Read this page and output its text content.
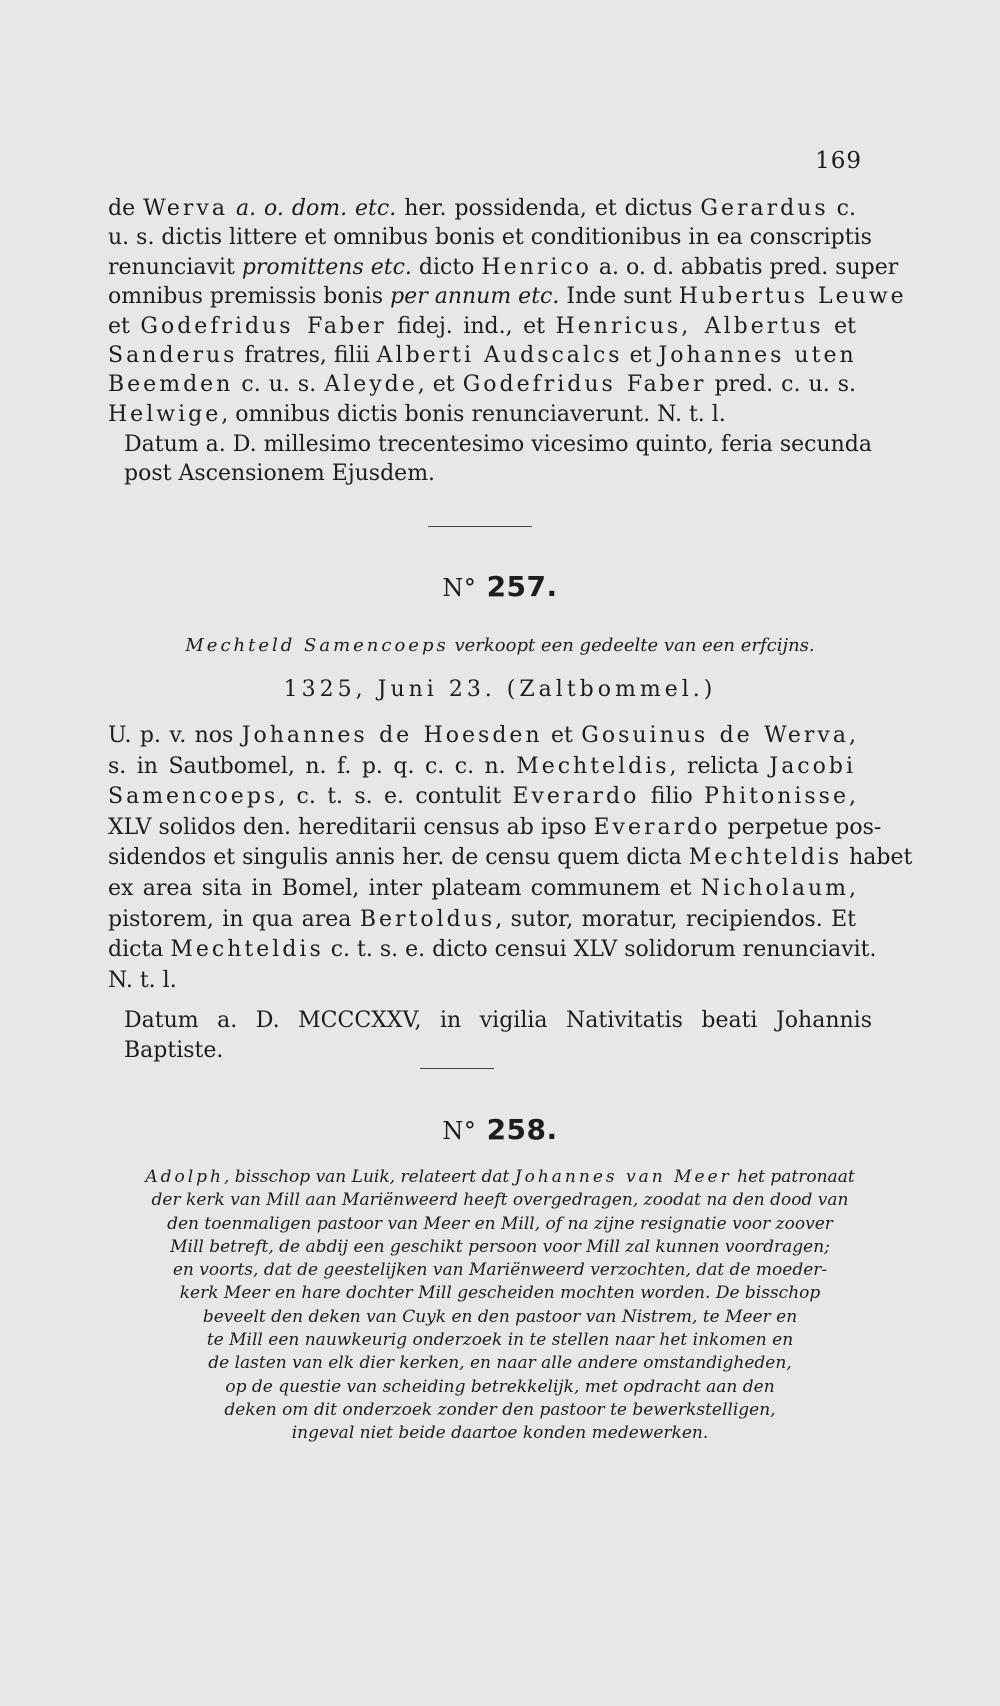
169
de Werva a. o. dom. etc. her. possidenda, et dictus Gerardus c.
u. s. dictis littere et omnibus bonis et conditionibus in ea conscriptis
renunciavit promittens etc. dicto Henrico a. o. d. abbatis pred. super
omnibus premissis bonis per annum etc. Inde sunt Hubertus Leuwe
et Godefridus Faber fidej. ind., et Henricus, Albertus et
Sanderus fratres, filii Alberti Audscalcs et Johannes uten
Beemden c. u. s. Aleyde, et Godefridus Faber pred. c. u. s.
Helwige, omnibus dictis bonis renunciaverunt. N. t. l.
Datum a. D. millesimo trecentesimo vicesimo quinto, feria secunda
post Ascensionem Ejusdem.
N° 257.
Mechteld Samencoeps verkoopt een gedeelte van een erfcijns.
1325, Juni 23. (Zaltbommel.)
U. p. v. nos Johannes de Hoesden et Gosuinus de Werva,
s. in Sautbomel, n. f. p. q. c. c. n. Mechteldis, relicta Jacobi
Samencoeps, c. t. s. e. contulit Everardo filio Phitonisse,
XLV solidos den. hereditarii census ab ipso Everardo perpetue pos-
sidendos et singulis annis her. de censu quem dicta Mechteldis habet
ex area sita in Bomel, inter plateam communem et Nicholaum,
pistorem, in qua area Bertoldus, sutor, moratur, recipiendos. Et
dicta Mechteldis c. t. s. e. dicto censui XLV solidorum renunciavit.
N. t. l.
Datum a. D. MCCCXXV, in vigilia Nativitatis beati Johannis
Baptiste.
N° 258.
Adolph, bisschop van Luik, relateert dat Johannes van Meer het patronaat
der kerk van Mill aan Mariënweerd heeft overgedragen, zoodat na den dood van
den toenmaligen pastoor van Meer en Mill, of na zijne resignatie voor zoover
Mill betreft, de abdij een geschikt persoon voor Mill zal kunnen voordragen;
en voorts, dat de geestelijken van Mariënweerd verzochten, dat de moeder-
kerk Meer en hare dochter Mill gescheiden mochten worden. De bisschop
beveelt den deken van Cuyk en den pastoor van Nistrem, te Meer en
te Mill een nauwkeurig onderzoek in te stellen naar het inkomen en
de lasten van elk dier kerken, en naar alle andere omstandigheden,
op de questie van scheiding betrekkelijk, met opdracht aan den
deken om dit onderzoek zonder den pastoor te bewerkstelligen,
ingeval niet beide daartoe konden medewerken.
